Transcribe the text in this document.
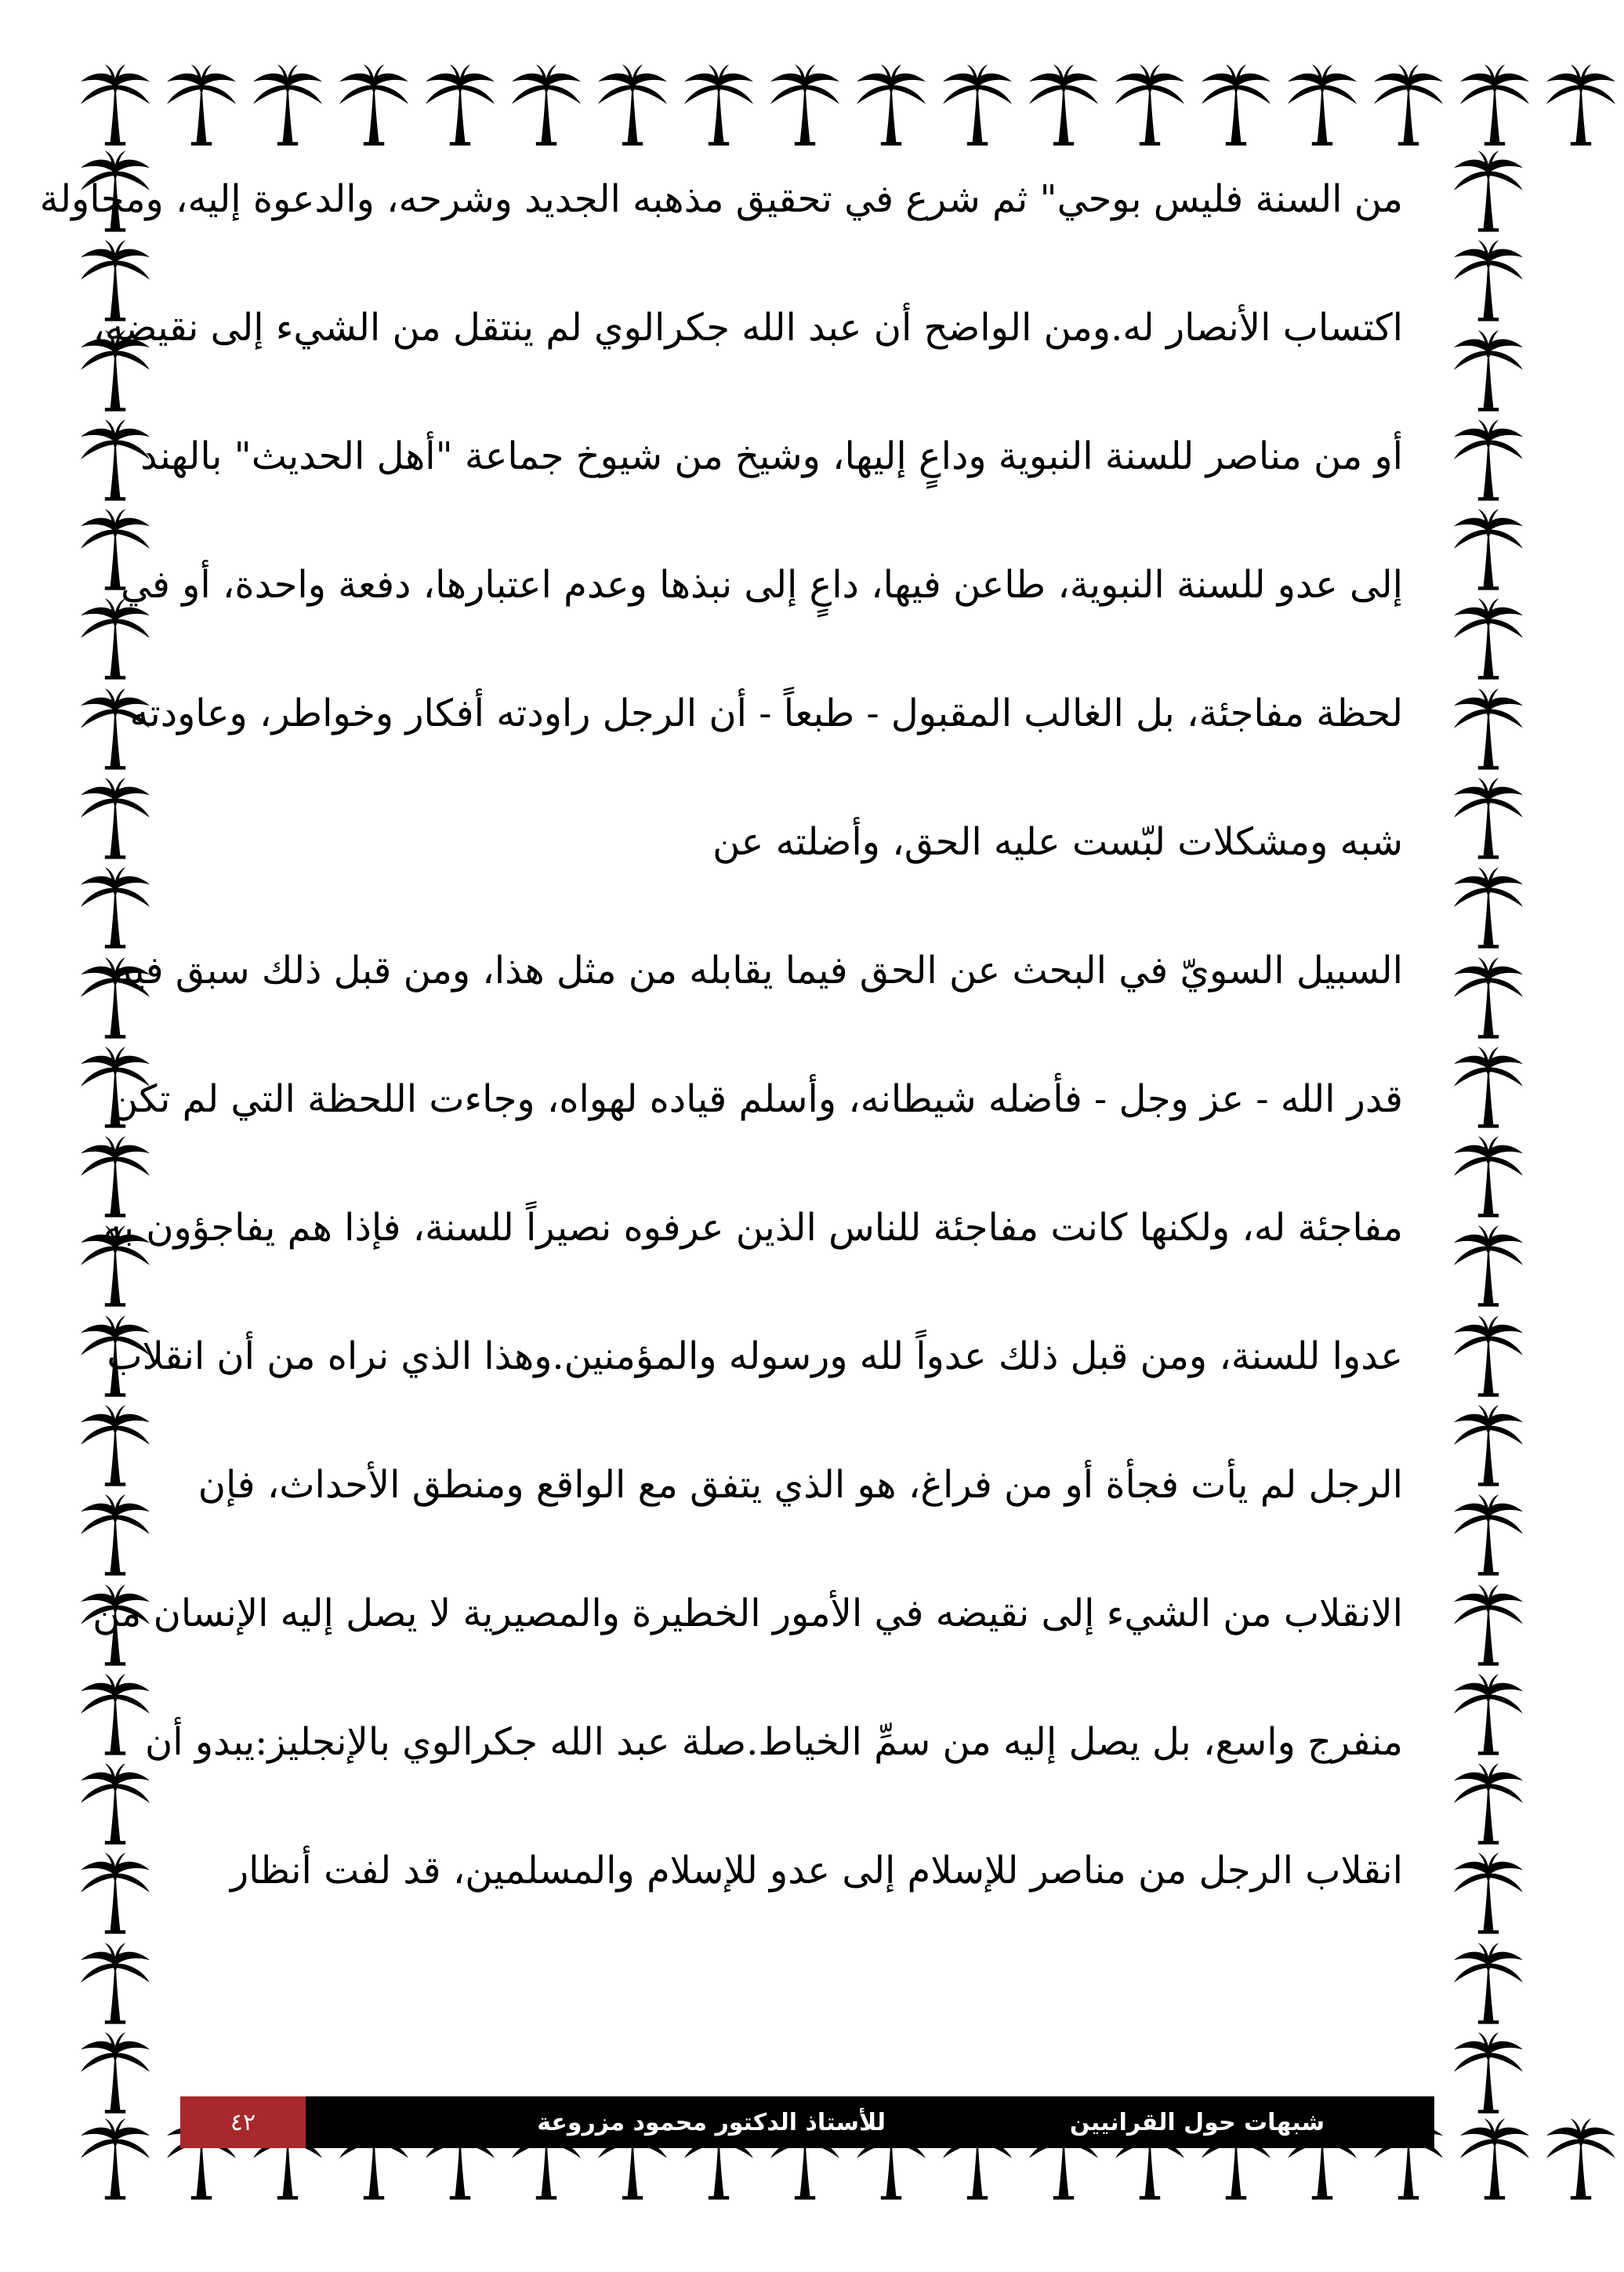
من السنة فليس بوحي" ثم شرع في تحقيق مذهبه الجديد وشرحه، والدعوة إليه، ومحاولة
اكتساب الأنصار له.ومن الواضح أن عبد الله جكرالوي لم ينتقل من الشيء إلى نقيضه،
أو من مناصر للسنة النبوية وداعٍ إليها، وشيخ من شيوخ جماعة "أهل الحديث" بالهند
إلى عدو للسنة النبوية، طاعن فيها، داعٍ إلى نبذها وعدم اعتبارها، دفعة واحدة، أو في
لحظة مفاجئة، بل الغالب المقبول - طبعاً - أن الرجل راودته أفكار وخواطر، وعاودته
شبه ومشكلات لبّست عليه الحق، وأضلته عن
السبيل السويّ في البحث عن الحق فيما يقابله من مثل هذا، ومن قبل ذلك سبق فيه
قدر الله - عز وجل - فأضله شيطانه، وأسلم قياده لهواه، وجاءت اللحظة التي لم تكن
مفاجئة له، ولكنها كانت مفاجئة للناس الذين عرفوه نصيراً للسنة، فإذا هم يفاجؤون به
عدوا للسنة، ومن قبل ذلك عدواً لله ورسوله والمؤمنين.وهذا الذي نراه من أن انقلاب
الرجل لم يأت فجأة أو من فراغ، هو الذي يتفق مع الواقع ومنطق الأحداث، فإن
الانقلاب من الشيء إلى نقيضه في الأمور الخطيرة والمصيرية لا يصل إليه الإنسان من
منفرج واسع، بل يصل إليه من سمِّ الخياط.صلة عبد الله جكرالوي بالإنجليز:يبدو أن
انقلاب الرجل من مناصر للإسلام إلى عدو للإسلام والمسلمين، قد لفت أنظار
شبهات حول القرانيين
للأستاذ الدكتور محمود مزروعة
٤٢
